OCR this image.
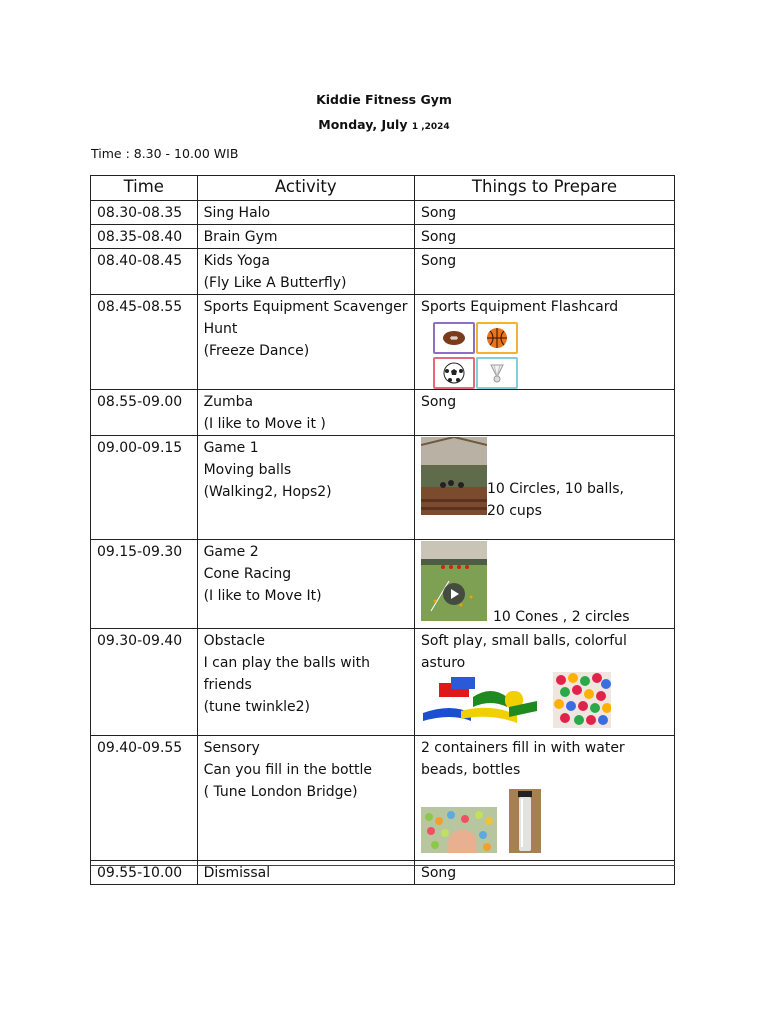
Kiddie Fitness Gym
Monday, July 1 ,2024
Time : 8.30 - 10.00 WIB
Time	Activity	Things to Prepare
08.30-08.35	Sing Halo	Song

08.35-08.40	Brain Gym	Song

08.40-08.45	Kids Yoga
(Fly Like A Butterfly)	Song

08.45-08.55	Sports Equipment Scavenger
Hunt
(Freeze Dance)	Sports Equipment Flashcard

08.55-09.00	Zumba
(I like to Move it )	Song

09.00-09.15	Game 1
Moving balls
(Walking2, Hops2)	10 Circles, 10 balls,
20 cups

09.15-09.30	Game 2
Cone Racing
(I like to Move It)	10 Cones , 2 circles

09.30-09.40	Obstacle
I can play the balls with
friends
(tune twinkle2)	Soft play, small balls, colorful
asturo

09.40-09.55	Sensory
Can you fill in the bottle
( Tune London Bridge)	2 containers fill in with water
beads, bottles

09.55-10.00	Dismissal	Song
